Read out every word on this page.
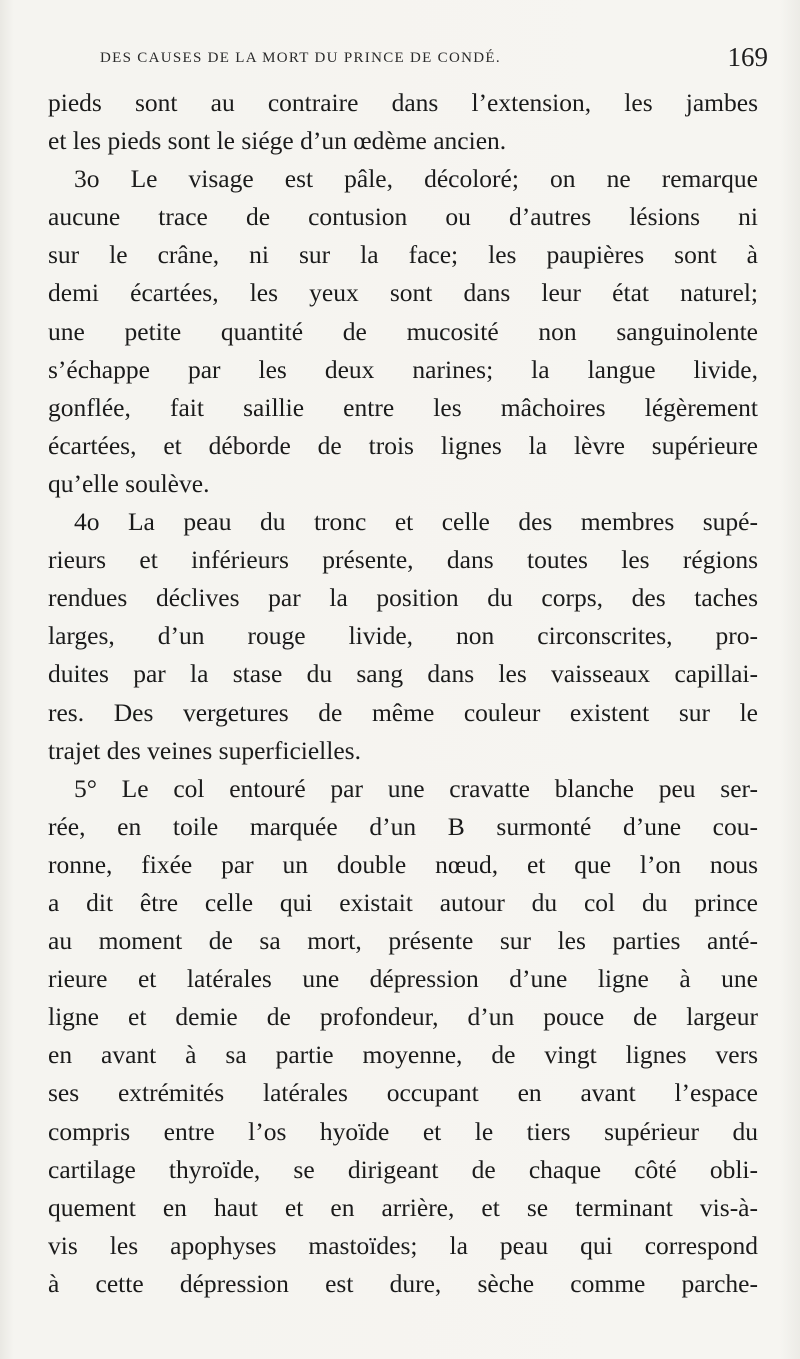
DES CAUSES DE LA MORT DU PRINCE DE CONDÉ.	169
pieds sont au contraire dans l’extension, les jambes
et les pieds sont le siége d’un œdème ancien.
3o Le visage est pâle, décoloré; on ne remarque
aucune trace de contusion ou d’autres lésions ni
sur le crâne, ni sur la face; les paupières sont à
demi écartées, les yeux sont dans leur état naturel;
une petite quantité de mucosité non sanguinolente
s’échappe par les deux narines; la langue livide,
gonflée, fait saillie entre les mâchoires légèrement
écartées, et déborde de trois lignes la lèvre supérieure
qu’elle soulève.
4o La peau du tronc et celle des membres supé-
rieurs et inférieurs présente, dans toutes les régions
rendues déclives par la position du corps, des taches
larges, d’un rouge livide, non circonscrites, pro-
duites par la stase du sang dans les vaisseaux capillai-
res. Des vergetures de même couleur existent sur le
trajet des veines superficielles.
5° Le col entouré par une cravatte blanche peu ser-
rée, en toile marquée d’un B surmonté d’une cou-
ronne, fixée par un double nœud, et que l’on nous
a dit être celle qui existait autour du col du prince
au moment de sa mort, présente sur les parties anté-
rieure et latérales une dépression d’une ligne à une
ligne et demie de profondeur, d’un pouce de largeur
en avant à sa partie moyenne, de vingt lignes vers
ses extrémités latérales occupant en avant l’espace
compris entre l’os hyoïde et le tiers supérieur du
cartilage thyroïde, se dirigeant de chaque côté obli-
quement en haut et en arrière, et se terminant vis-à-
vis les apophyses mastoïdes; la peau qui correspond
à cette dépression est dure, sèche comme parche-
